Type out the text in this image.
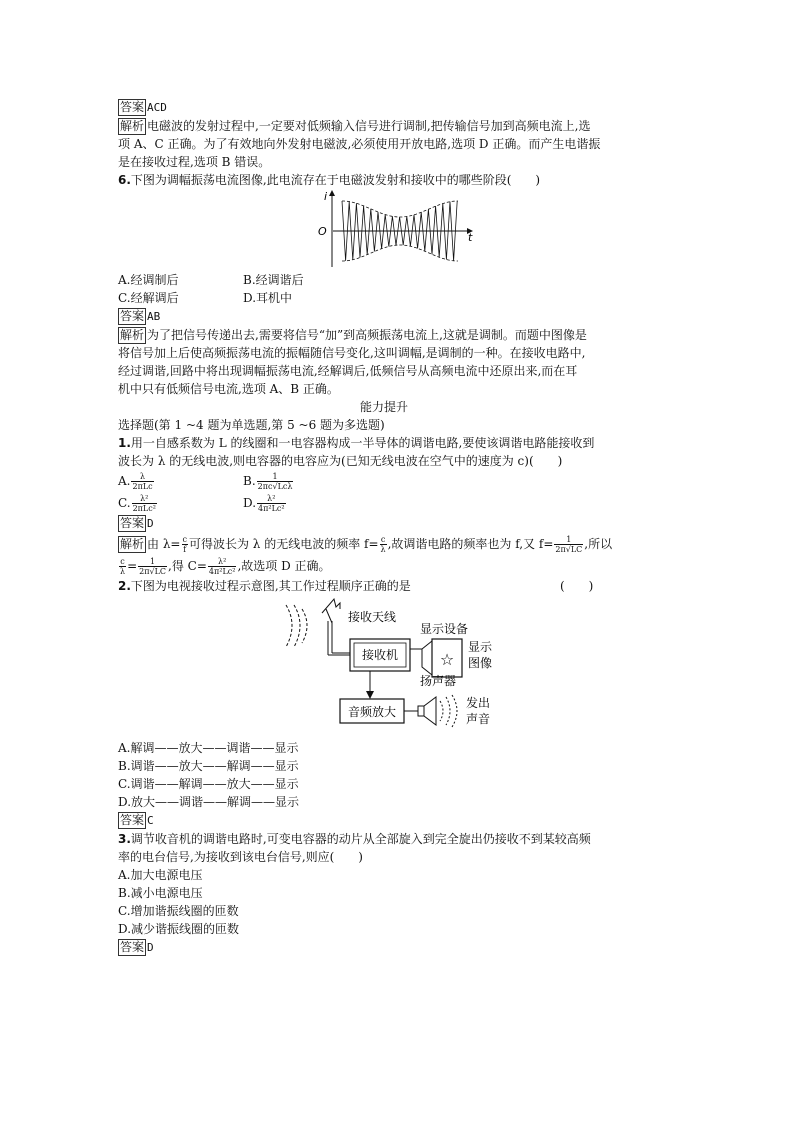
答案 ACD
解析 电磁波的发射过程中,一定要对低频输入信号进行调制,把传输信号加到高频电流上,选
项 A、C 正确。为了有效地向外发射电磁波,必须使用开放电路,选项 D 正确。而产生电谐振
是在接收过程,选项 B 错误。
6.下图为调幅振荡电流图像,此电流存在于电磁波发射和接收中的哪些阶段(　　)
i
t
O
A.经调制后	B.经调谐后
C.经解调后	D.耳机中
答案 AB
解析 为了把信号传递出去,需要将信号“加”到高频振荡电流上,这就是调制。而题中图像是
将信号加上后使高频振荡电流的振幅随信号变化,这叫调幅,是调制的一种。在接收电路中,
经过调谐,回路中将出现调幅振荡电流,经解调后,低频信号从高频电流中还原出来,而在耳
机中只有低频信号电流,选项 A、B 正确。
能力提升
选择题(第 1 ~4 题为单选题,第 5 ~6 题为多选题)
1.用一自感系数为 L 的线圈和一电容器构成一半导体的调谐电路,要使该调谐电路能接收到
波长为 λ 的无线电波,则电容器的电容应为(已知无线电波在空气中的速度为 c)(　　)
A. $\frac{\lambda}{\text{2πLc}}$	B. $\frac{1}{\text{2πc√Lcλ}}$
C. $\frac{\text{λ²}}{\text{2πLc²}}$	D. $\frac{\text{λ²}}{\text{4π²Lc²}}$
答案 D
解析 由 $\lambda= \frac{c}{f}$ 可得波长为 λ 的无线电波的频率 $f= \frac{c}{\lambda}$ ,故调谐电路的频率也为 f,又 $f= \frac{1}{2\pi√LC}$ ,所以
$\frac{c}{\lambda} = \frac{1}{2\pi√LC}$ ,得 $C= \frac{\text{λ²}}{\text{4π²Lc²}}$ ,故选项 D 正确。
2.下图为电视接收过程示意图,其工作过程顺序正确的是	(　　)
接收天线
显示设备
接收机	☆
显示
图像
扬声器
音频放大
发出
声音
A.解调——放大——调谐——显示
B.调谐——放大——解调——显示
C.调谐——解调——放大——显示
D.放大——调谐——解调——显示
答案 C
3.调节收音机的调谐电路时,可变电容器的动片从全部旋入到完全旋出仍接收不到某较高频
率的电台信号,为接收到该电台信号,则应(　　)
A.加大电源电压
B.减小电源电压
C.增加谐振线圈的匝数
D.减少谐振线圈的匝数
答案 D
